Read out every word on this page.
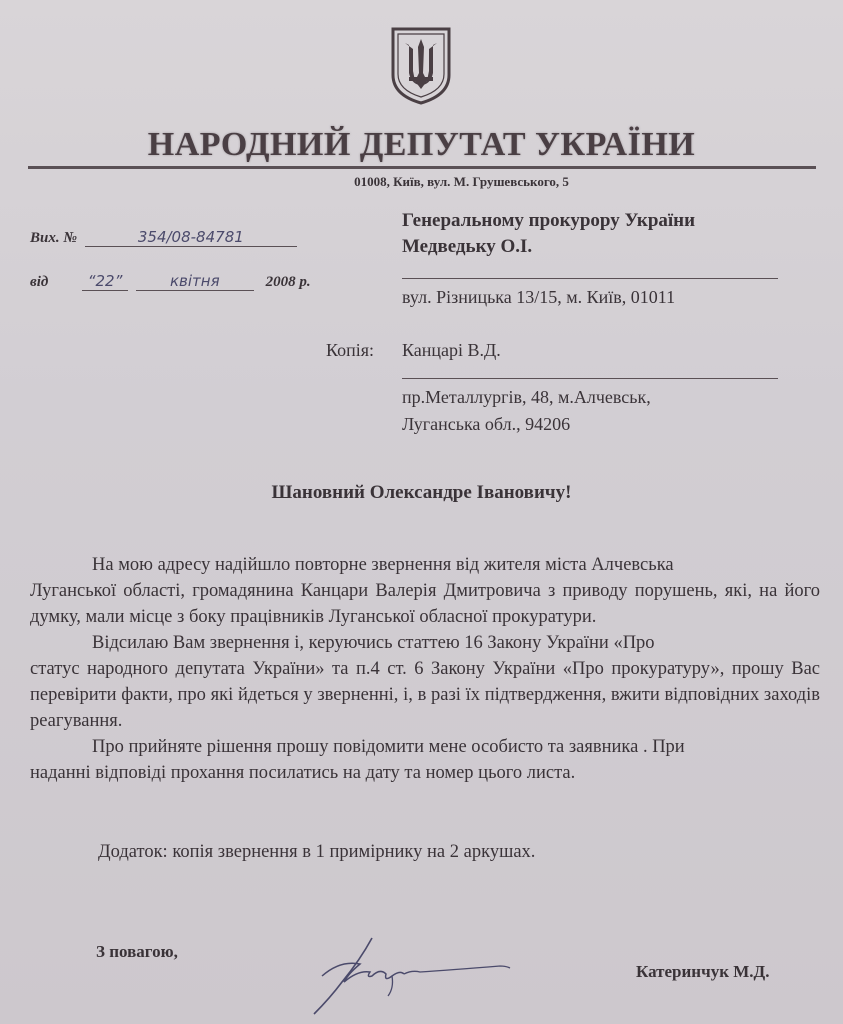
НАРОДНИЙ ДЕПУТАТ УКРАЇНИ
01008, Київ, вул. М. Грушевського, 5
Вих. №	354/08-84781
від	“22”	квітня	2008 р.
Генеральному прокурору України
Медведьку О.І.
вул. Різницька 13/15, м. Київ, 01011
Копія: Канцарі В.Д.
пр.Металлургів, 48, м.Алчевськ,
Луганська обл., 94206
Шановний Олександре Івановичу!
На мою адресу надійшло повторне звернення від жителя міста Алчевська
Луганської області, громадянина Канцари Валерія Дмитровича з приводу порушень, які, на його думку, мали місце з боку працівників Луганської обласної прокуратури.
Відсилаю Вам звернення і, керуючись статтею 16 Закону України «Про
статус народного депутата України» та п.4 ст. 6 Закону України «Про прокуратуру», прошу Вас перевірити факти, про які йдеться у зверненні, і, в разі їх підтвердження, вжити відповідних заходів реагування.
Про прийняте рішення прошу повідомити мене особисто та заявника . При
наданні відповіді прохання посилатись на дату та номер цього листа.
Додаток: копія звернення в 1 примірнику на 2 аркушах.
З повагою,
Катеринчук М.Д.
